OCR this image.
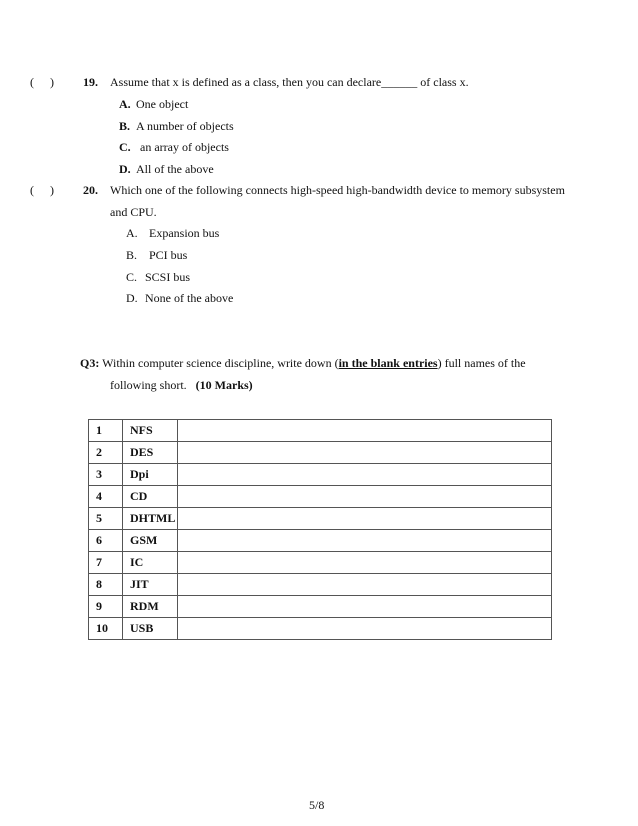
( ) 19. Assume that x is defined as a class, then you can declare______ of class x.
A. One object
B. A number of objects
C. an array of objects
D. All of the above
( ) 20. Which one of the following connects high-speed high-bandwidth device to memory subsystem
and CPU.
A. Expansion bus
B. PCI bus
C. SCSI bus
D. None of the above
Q3: Within computer science discipline, write down (in the blank entries) full names of the
following short. (10 Marks)
1	NFS	
2	DES	
3	Dpi	
4	CD	
5	DHTML	
6	GSM	
7	IC	
8	JIT	
9	RDM	
10	USB	
5/8
